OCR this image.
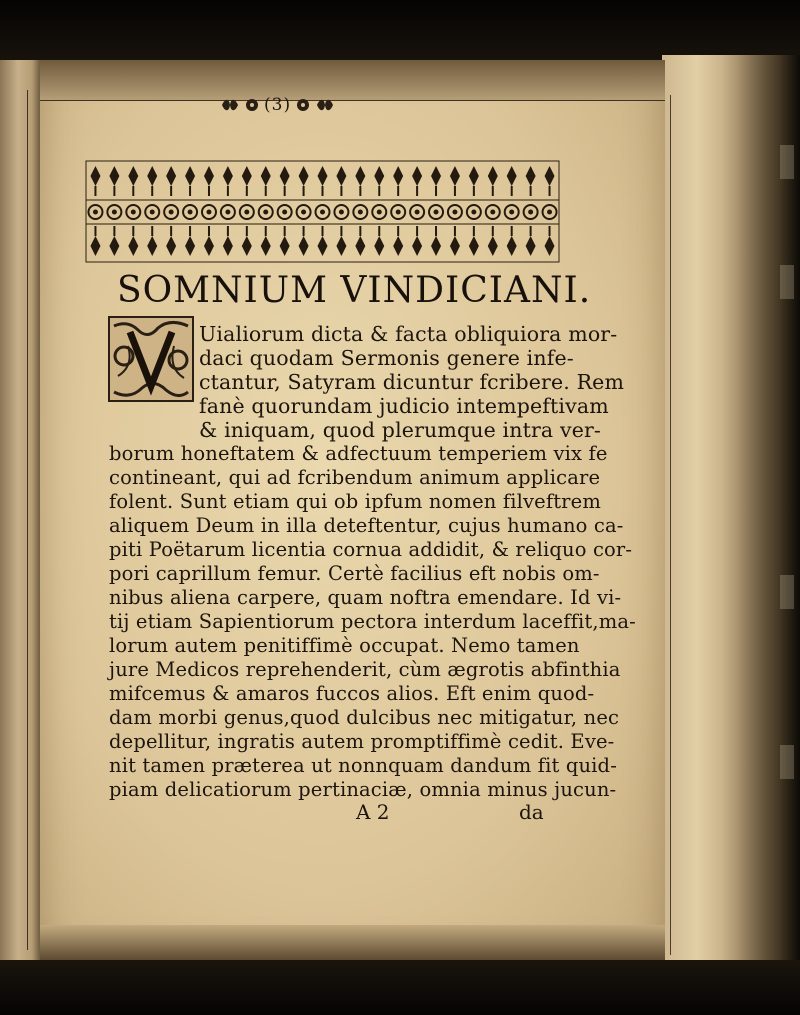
(3)
SOMNIUM VINDICIANI.
Uialiorum dicta & facta obliquiora mor-
daci quodam Sermonis genere infe-
ctantur, Satyram dicuntur fcribere. Rem
fanè quorundam judicio intempeftivam
& iniquam, quod plerumque intra ver-
borum honeftatem & adfectuum temperiem vix fe
contineant, qui ad fcribendum animum applicare
folent. Sunt etiam qui ob ipfum nomen filveftrem
aliquem Deum in illa deteftentur, cujus humano ca-
piti Poëtarum licentia cornua addidit, & reliquo cor-
pori caprillum femur. Certè facilius eft nobis om-
nibus aliena carpere, quam noftra emendare. Id vi-
tij etiam Sapientiorum pectora interdum laceffit,ma-
lorum autem penitiffimè occupat. Nemo tamen
jure Medicos reprehenderit, cùm ægrotis abfinthia
mifcemus & amaros fuccos alios. Eft enim quod-
dam morbi genus,quod dulcibus nec mitigatur, nec
depellitur, ingratis autem promptiffimè cedit. Eve-
nit tamen præterea ut nonnquam dandum fit quid-
piam delicatiorum pertinaciæ, omnia minus jucun-
A 2	da
